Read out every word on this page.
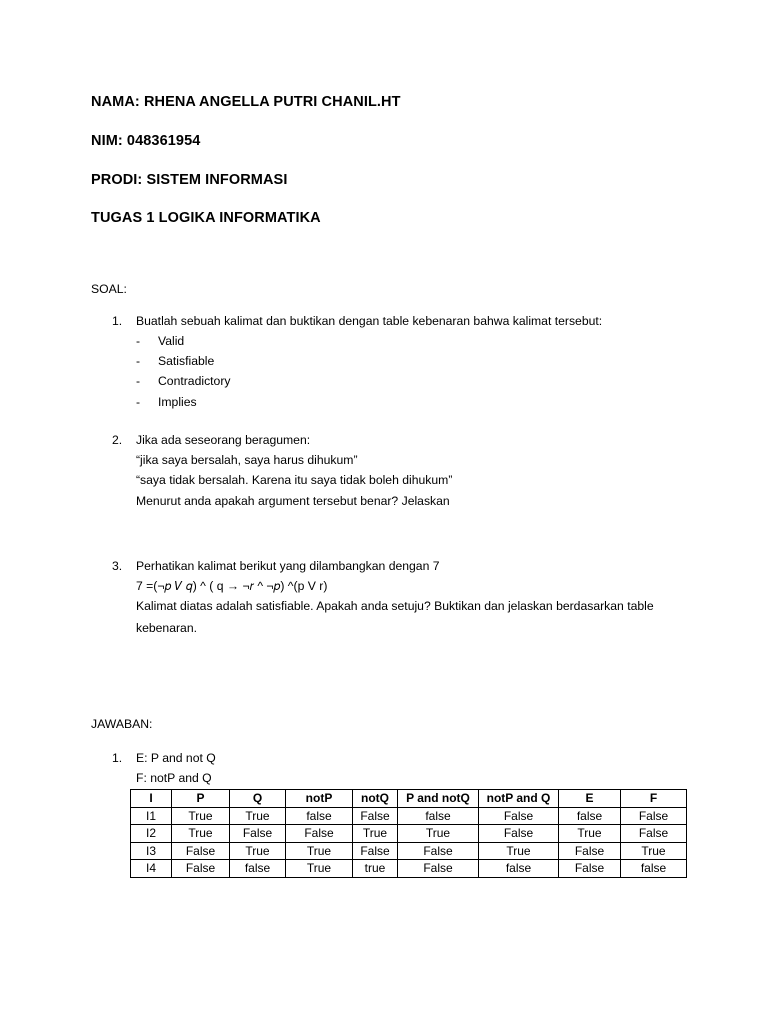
NAMA: RHENA ANGELLA PUTRI CHANIL.HT
NIM: 048361954
PRODI: SISTEM INFORMASI
TUGAS 1 LOGIKA INFORMATIKA
SOAL:
1. Buatlah sebuah kalimat dan buktikan dengan table kebenaran bahwa kalimat tersebut:
- Valid
- Satisfiable
- Contradictory
- Implies
2. Jika ada seseorang beragumen:
“jika saya bersalah, saya harus dihukum”
“saya tidak bersalah. Karena itu saya tidak boleh dihukum”
Menurut anda apakah argument tersebut benar? Jelaskan
3. Perhatikan kalimat berikut yang dilambangkan dengan 7
7 =(¬𝑝 𝑉 𝑞) ^ ( q → ¬𝑟 ^ ¬𝑝) ^(p V r)
Kalimat diatas adalah satisfiable. Apakah anda setuju? Buktikan dan jelaskan berdasarkan table
kebenaran.
JAWABAN:
1. E: P and not Q
F: notP and Q
I	P	Q	notP	notQ	P and notQ	notP and Q	E	F
I1	True	True	false	False	false	False	false	False
I2	True	False	False	True	True	False	True	False
I3	False	True	True	False	False	True	False	True
I4	False	false	True	true	False	false	False	false
